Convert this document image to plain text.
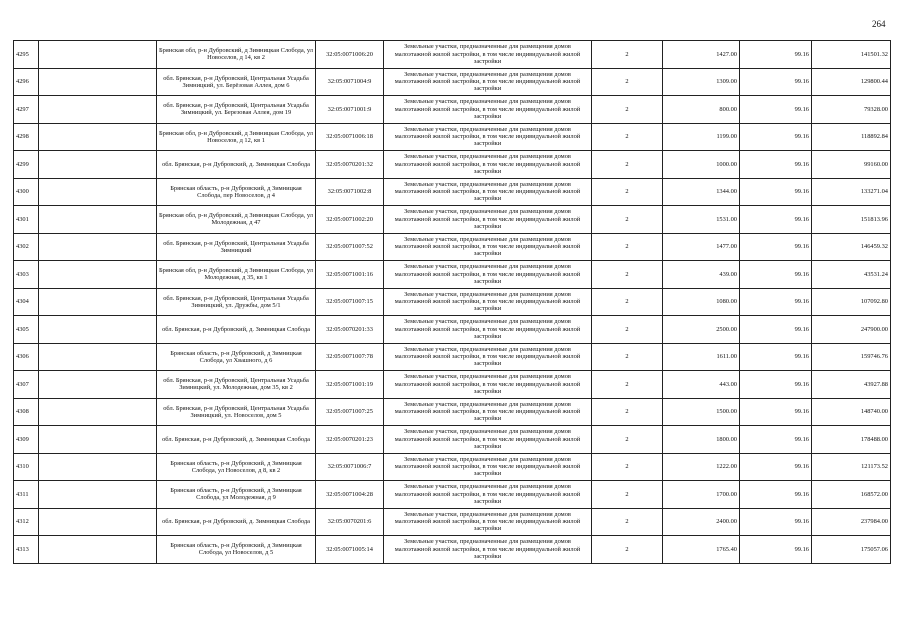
264
4295		Брянская обл, р-н Дубровский, д Зимницкая Слобода, ул Новоселов, д 14, кв 2	32:05:0071006:20	Земельные участки, предназначенные для размещения домов малоэтажной жилой застройки, в том числе индивидуальной жилой застройки	2	1427.00	99.16	141501.32
4296		обл. Брянская, р-н Дубровский, Центральная Усадьба Зимницкий, ул. Берёзовая Аллея, дом 6	32:05:0071004:9	Земельные участки, предназначенные для размещения домов малоэтажной жилой застройки, в том числе индивидуальной жилой застройки	2	1309.00	99.16	129800.44
4297		обл. Брянская, р-н Дубровский, Центральная Усадьба Зимницкий, ул. Березовая Аллея, дом 19	32:05:0071001:9	Земельные участки, предназначенные для размещения домов малоэтажной жилой застройки, в том числе индивидуальной жилой застройки	2	800.00	99.16	79328.00
4298		Брянская обл, р-н Дубровский, д Зимницкая Слобода, ул Новоселов, д 12, кв 1	32:05:0071006:18	Земельные участки, предназначенные для размещения домов малоэтажной жилой застройки, в том числе индивидуальной жилой застройки	2	1199.00	99.16	118892.84
4299		обл. Брянская, р-н Дубровский, д. Зимницкая Слобода	32:05:0070201:32	Земельные участки, предназначенные для размещения домов малоэтажной жилой застройки, в том числе индивидуальной жилой застройки	2	1000.00	99.16	99160.00
4300		Брянская область, р-н Дубровский, д Зимницкая Слобода, пер Новоселов, д 4	32:05:0071002:8	Земельные участки, предназначенные для размещения домов малоэтажной жилой застройки, в том числе индивидуальной жилой застройки	2	1344.00	99.16	133271.04
4301		Брянская обл, р-н Дубровский, д Зимницкая Слобода, ул Молодежная, д 47	32:05:0071002:20	Земельные участки, предназначенные для размещения домов малоэтажной жилой застройки, в том числе индивидуальной жилой застройки	2	1531.00	99.16	151813.96
4302		обл. Брянская, р-н Дубровский, Центральная Усадьба Зимницкий	32:05:0071007:52	Земельные участки, предназначенные для размещения домов малоэтажной жилой застройки, в том числе индивидуальной жилой застройки	2	1477.00	99.16	146459.32
4303		Брянская обл, р-н Дубровский, д Зимницкая Слобода, ул Молодежная, д 35, кв 1	32:05:0071001:16	Земельные участки, предназначенные для размещения домов малоэтажной жилой застройки, в том числе индивидуальной жилой застройки	2	439.00	99.16	43531.24
4304		обл. Брянская, р-н Дубровский, Центральная Усадьба Зимницкий, ул. Дружбы, дом 5/1	32:05:0071007:15	Земельные участки, предназначенные для размещения домов малоэтажной жилой застройки, в том числе индивидуальной жилой застройки	2	1080.00	99.16	107092.80
4305		обл. Брянская, р-н Дубровский, д. Зимницкая Слобода	32:05:0070201:33	Земельные участки, предназначенные для размещения домов малоэтажной жилой застройки, в том числе индивидуальной жилой застройки	2	2500.00	99.16	247900.00
4306		Брянская область, р-н Дубровский, д Зимницкая Слобода, ул Хвашного, д 6	32:05:0071007:78	Земельные участки, предназначенные для размещения домов малоэтажной жилой застройки, в том числе индивидуальной жилой застройки	2	1611.00	99.16	159746.76
4307		обл. Брянская, р-н Дубровский, Центральная Усадьба Зимницкий, ул. Молодежная, дом 35, кв 2	32:05:0071001:19	Земельные участки, предназначенные для размещения домов малоэтажной жилой застройки, в том числе индивидуальной жилой застройки	2	443.00	99.16	43927.88
4308		обл. Брянская, р-н Дубровский, Центральная Усадьба Зимницкий, ул. Новоселов, дом 5	32:05:0071007:25	Земельные участки, предназначенные для размещения домов малоэтажной жилой застройки, в том числе индивидуальной жилой застройки	2	1500.00	99.16	148740.00
4309		обл. Брянская, р-н Дубровский, д. Зимницкая Слобода	32:05:0070201:23	Земельные участки, предназначенные для размещения домов малоэтажной жилой застройки, в том числе индивидуальной жилой застройки	2	1800.00	99.16	178488.00
4310		Брянская область, р-н Дубровский, д Зимницкая Слобода, ул Новоселов, д 8, кв 2	32:05:0071006:7	Земельные участки, предназначенные для размещения домов малоэтажной жилой застройки, в том числе индивидуальной жилой застройки	2	1222.00	99.16	121173.52
4311		Брянская область, р-н Дубровский, д Зимницкая Слобода, ул Молодежная, д 9	32:05:0071004:28	Земельные участки, предназначенные для размещения домов малоэтажной жилой застройки, в том числе индивидуальной жилой застройки	2	1700.00	99.16	168572.00
4312		обл. Брянская, р-н Дубровский, д. Зимницкая Слобода	32:05:0070201:6	Земельные участки, предназначенные для размещения домов малоэтажной жилой застройки, в том числе индивидуальной жилой застройки	2	2400.00	99.16	237984.00
4313		Брянская область, р-н Дубровский, д Зимницкая Слобода, ул Новоселов, д 5	32:05:0071005:14	Земельные участки, предназначенные для размещения домов малоэтажной жилой застройки, в том числе индивидуальной жилой застройки	2	1765.40	99.16	175057.06
